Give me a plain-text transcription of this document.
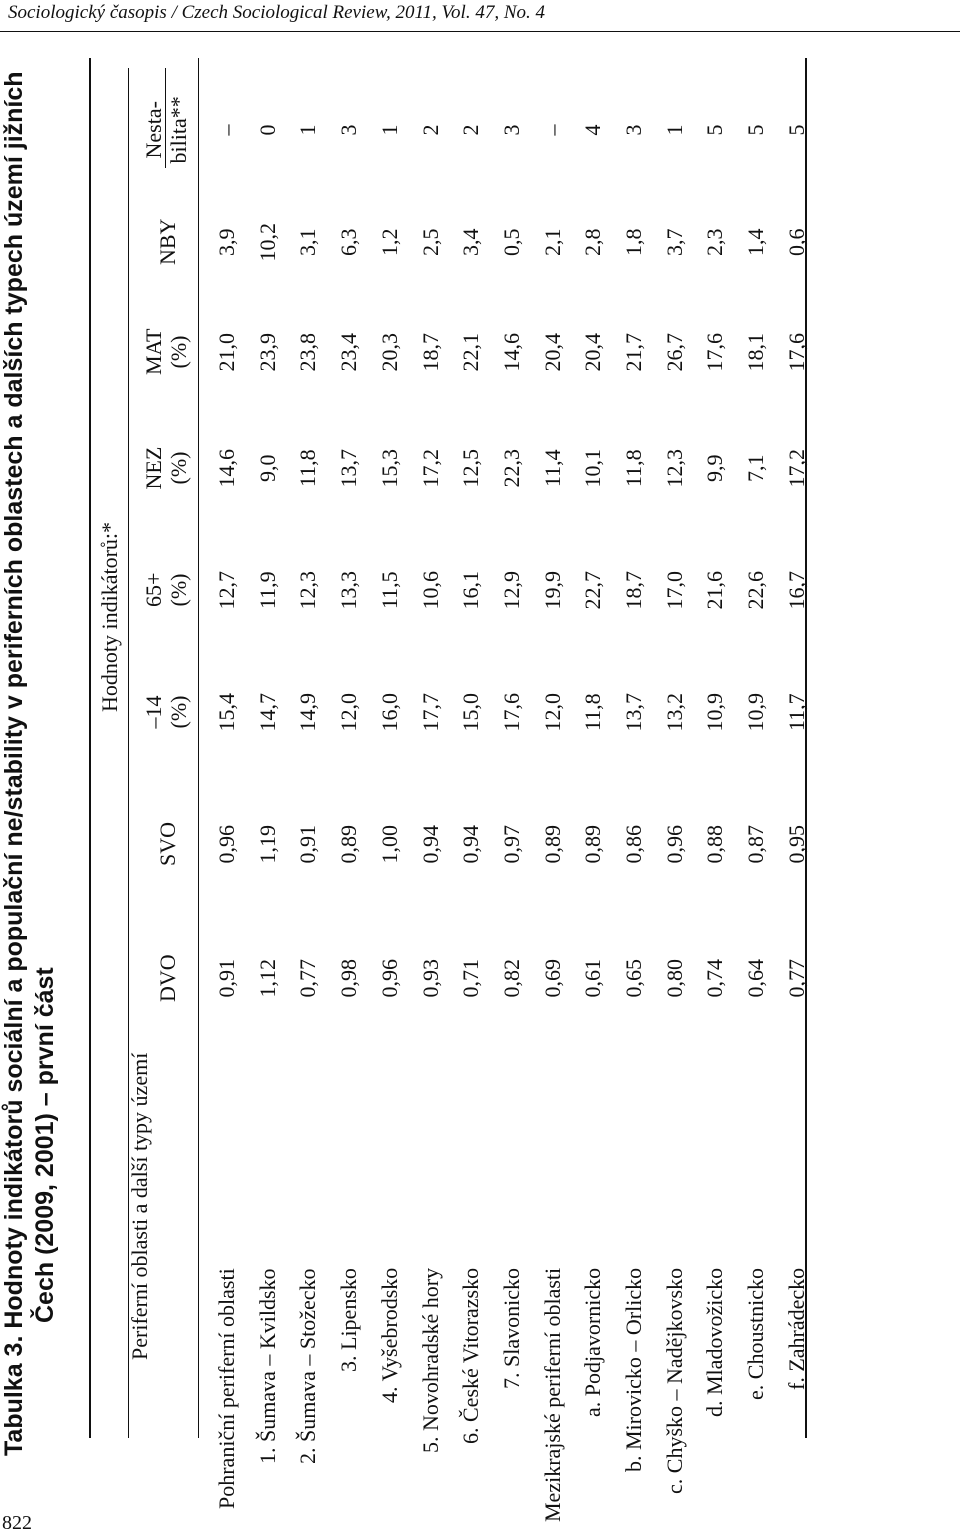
Sociologický časopis / Czech Sociological Review, 2011, Vol. 47, No. 4
822
Tabulka 3. Hodnoty indikátorů sociální a populační ne/stability v periferních oblastech a dalších typech území jižních Čech (2009, 2001) – první část
Hodnoty indikátorů:*
Periferní oblasti a další typy území
DVO
SVO
–14 (%)
65+ (%)
NEZ (%)
MAT (%)
NBY
Nesta- bilita**
Pohraniční periferní oblasti
0,91
0,96
15,4
12,7
14,6
21,0
3,9
–
1. Šumava – Kvildsko
1,12
1,19
14,7
11,9
9,0
23,9
10,2
0
2. Šumava – Stožecko
0,77
0,91
14,9
12,3
11,8
23,8
3,1
1
3. Lipensko
0,98
0,89
12,0
13,3
13,7
23,4
6,3
3
4. Vyšebrodsko
0,96
1,00
16,0
11,5
15,3
20,3
1,2
1
5. Novohradské hory
0,93
0,94
17,7
10,6
17,2
18,7
2,5
2
6. České Vitorazsko
0,71
0,94
15,0
16,1
12,5
22,1
3,4
2
7. Slavonicko
0,82
0,97
17,6
12,9
22,3
14,6
0,5
3
Mezikrajské periferní oblasti
0,69
0,89
12,0
19,9
11,4
20,4
2,1
–
a. Podjavornicko
0,61
0,89
11,8
22,7
10,1
20,4
2,8
4
b. Mirovicko – Orlicko
0,65
0,86
13,7
18,7
11,8
21,7
1,8
3
c. Chyško – Nadějkovsko
0,80
0,96
13,2
17,0
12,3
26,7
3,7
1
d. Mladovožicko
0,74
0,88
10,9
21,6
9,9
17,6
2,3
5
e. Choustnicko
0,64
0,87
10,9
22,6
7,1
18,1
1,4
5
f. Zahrádecko
0,77
0,95
11,7
16,7
17,2
17,6
0,6
5
